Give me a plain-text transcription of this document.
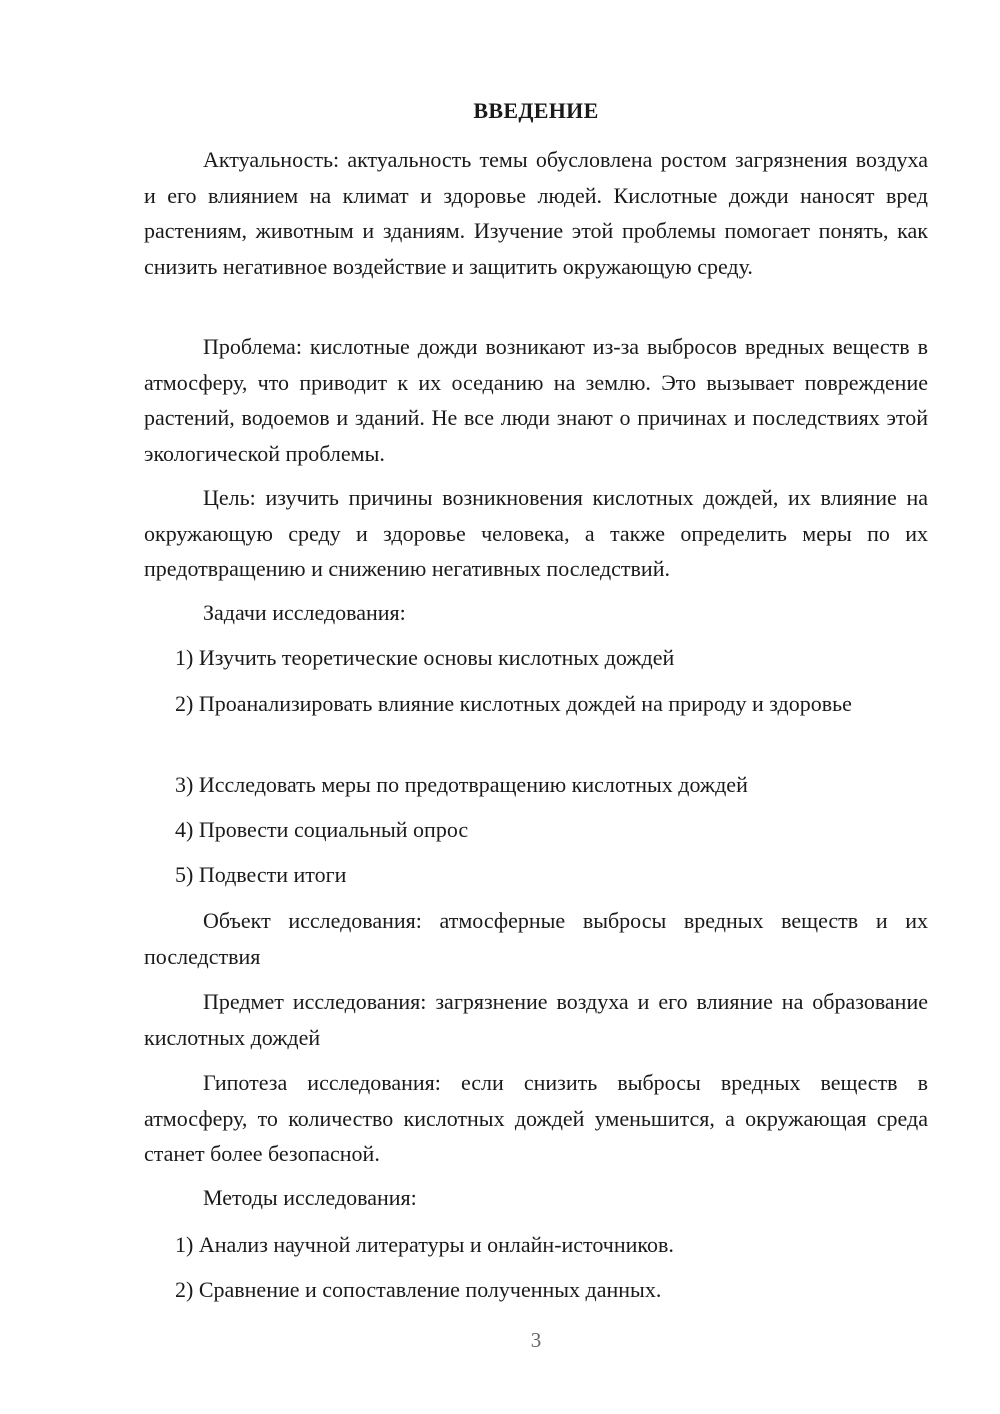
ВВЕДЕНИЕ

Актуальность: актуальность темы обусловлена ростом загрязнения воздуха и его влиянием на климат и здоровье людей. Кислотные дожди наносят вред растениям, животным и зданиям. Изучение этой проблемы помогает понять, как снизить негативное воздействие и защитить окружающую среду.

Проблема: кислотные дожди возникают из-за выбросов вредных веществ в атмосферу, что приводит к их оседанию на землю. Это вызывает повреждение растений, водоемов и зданий. Не все люди знают о причинах и последствиях этой экологической проблемы.

Цель: изучить причины возникновения кислотных дождей, их влияние на окружающую среду и здоровье человека, а также определить меры по их предотвращению и снижению негативных последствий.

Задачи исследования:

1) Изучить теоретические основы кислотных дождей

2) Проанализировать влияние кислотных дождей на природу и здоровье

3) Исследовать меры по предотвращению кислотных дождей

4) Провести социальный опрос

5) Подвести итоги

Объект исследования: атмосферные выбросы вредных веществ и их последствия

Предмет исследования: загрязнение воздуха и его влияние на образование кислотных дождей

Гипотеза исследования: если снизить выбросы вредных веществ в атмосферу, то количество кислотных дождей уменьшится, а окружающая среда станет более безопасной.

Методы исследования:

1) Анализ научной литературы и онлайн-источников.

2) Сравнение и сопоставление полученных данных.

3
